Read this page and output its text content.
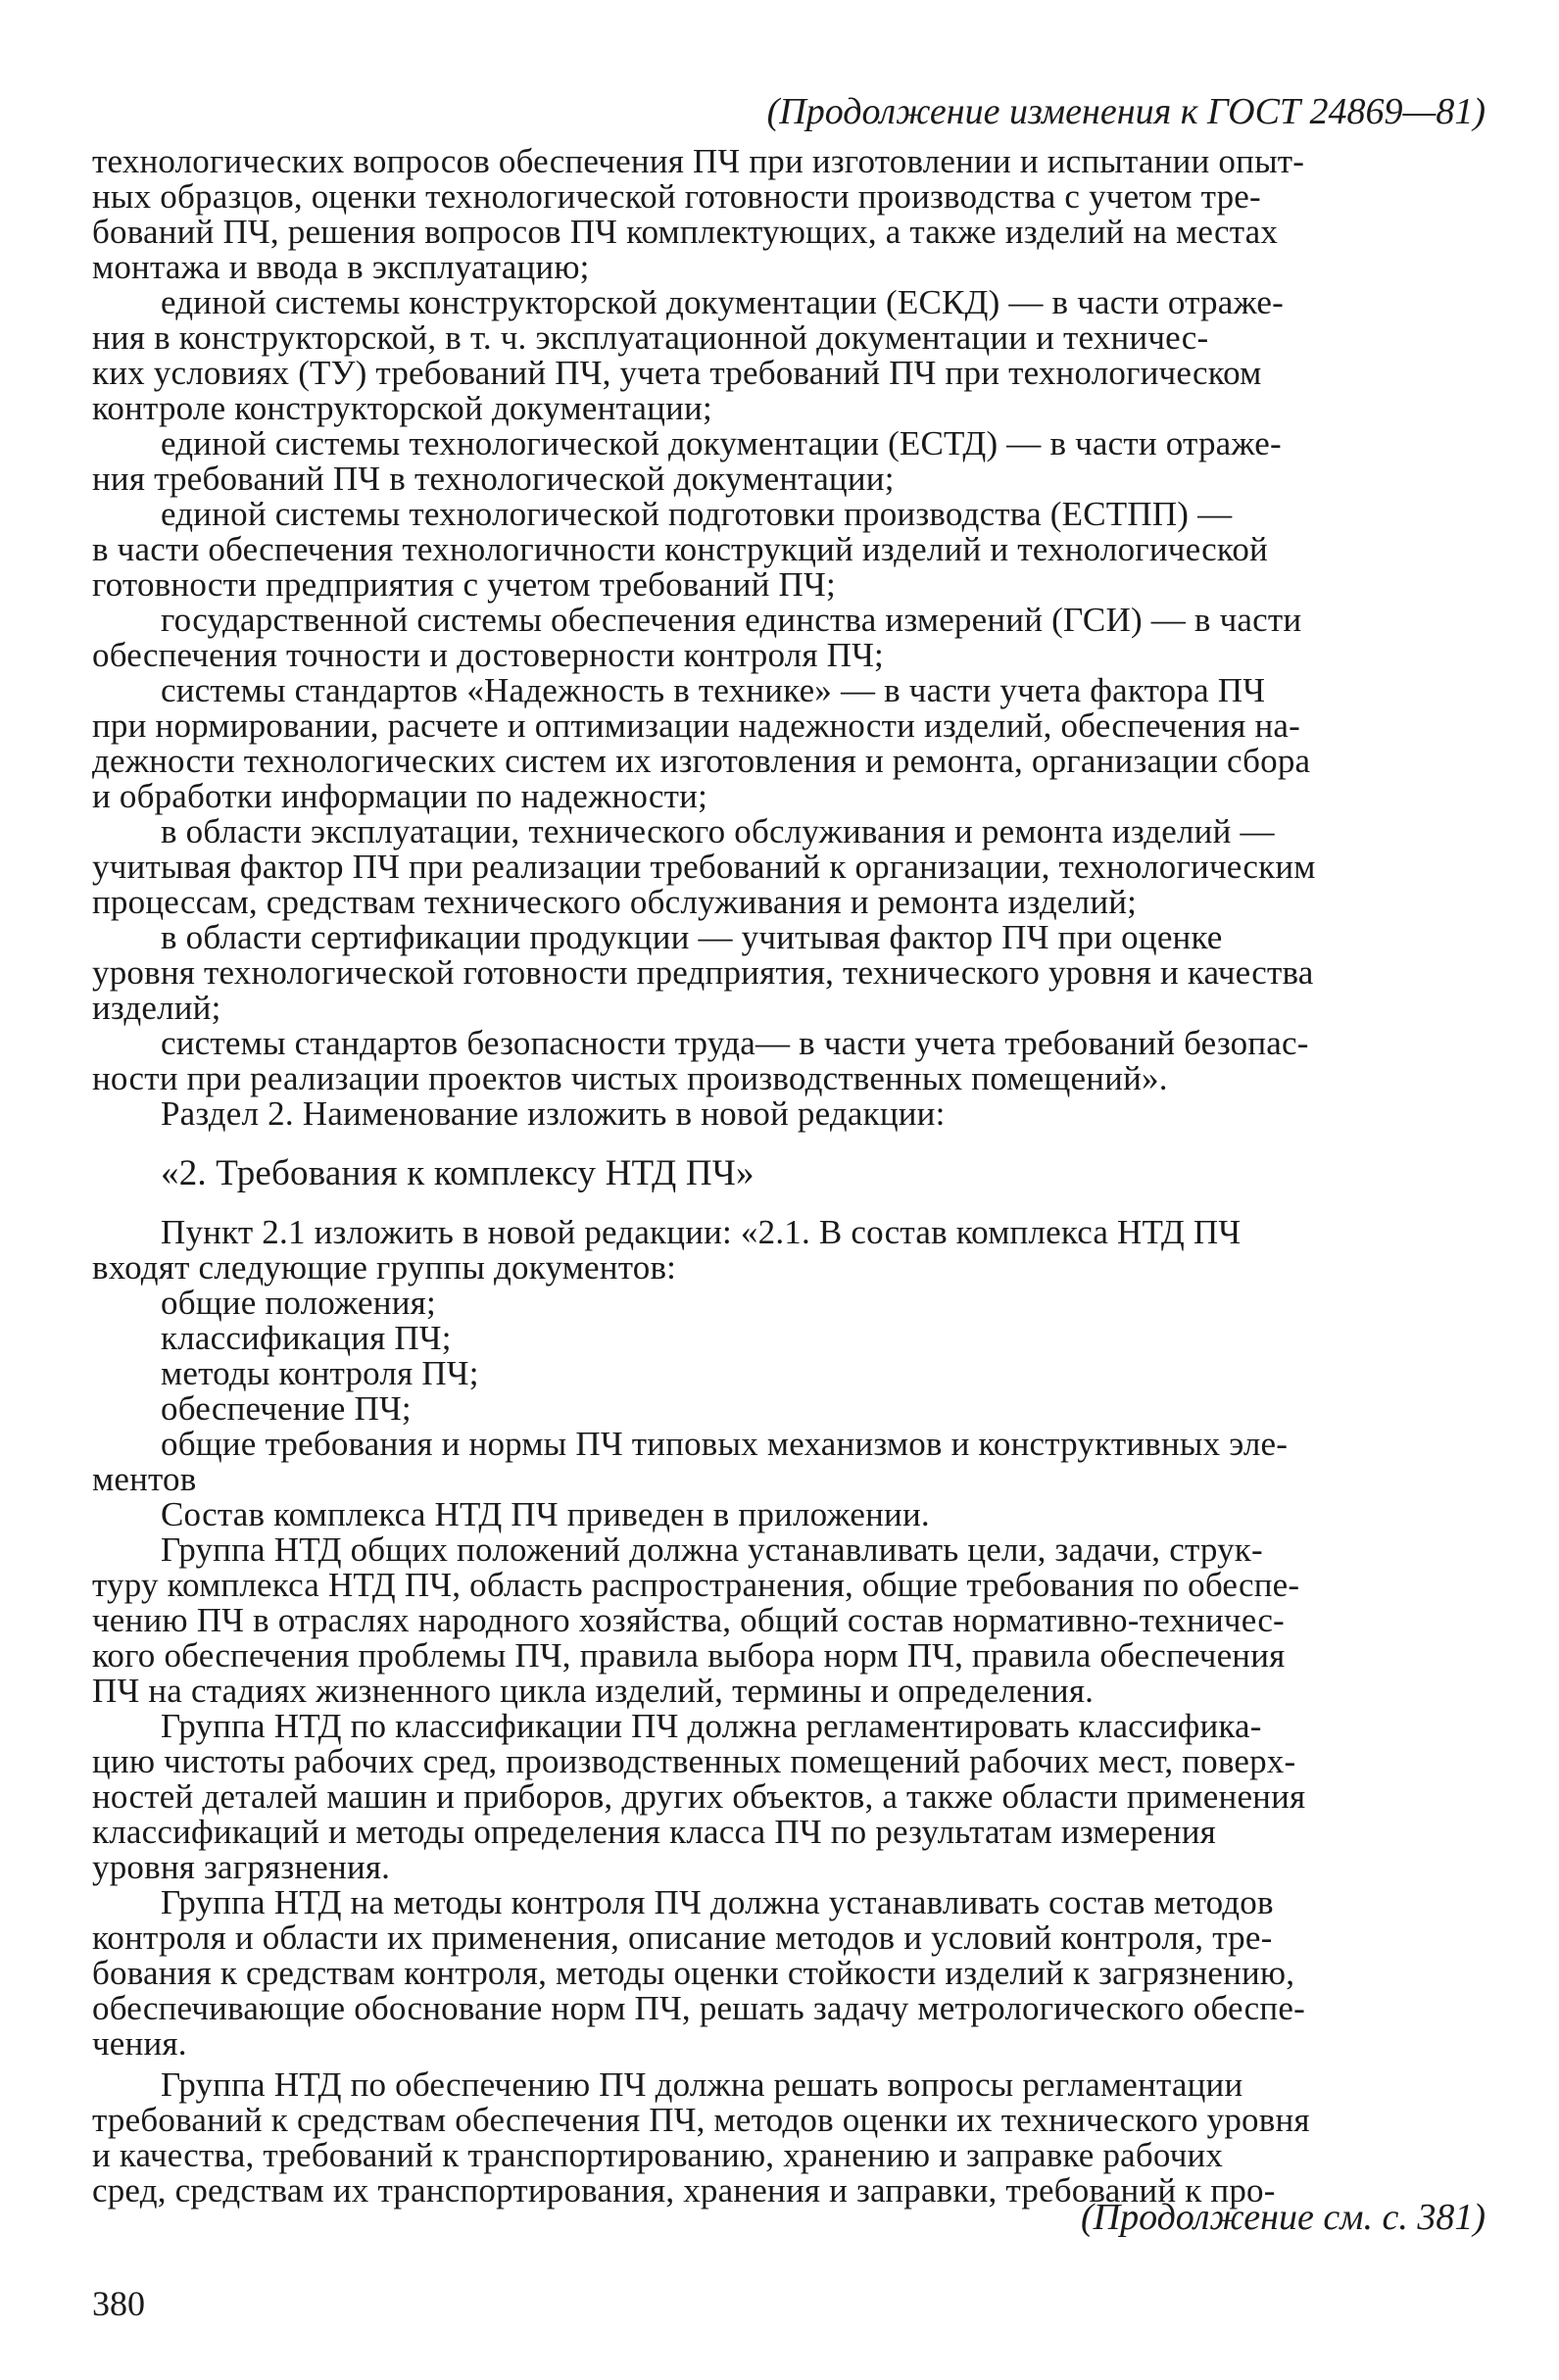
(Продолжение изменения к ГОСТ 24869—81)
технологических вопросов обеспечения ПЧ при изготовлении и испытании опыт-
ных образцов, оценки технологической готовности производства с учетом тре-
бований ПЧ, решения вопросов ПЧ комплектующих, а также изделий на местах
монтажа и ввода в эксплуатацию;
единой системы конструкторской документации (ЕСКД) — в части отраже-
ния в конструкторской, в т. ч. эксплуатационной документации и техничес-
ких условиях (ТУ) требований ПЧ, учета требований ПЧ при технологическом
контроле конструкторской документации;
единой системы технологической документации (ЕСТД) — в части отраже-
ния требований ПЧ в технологической документации;
единой системы технологической подготовки производства (ЕСТПП) —
в части обеспечения технологичности конструкций изделий и технологической
готовности предприятия с учетом требований ПЧ;
государственной системы обеспечения единства измерений (ГСИ) — в части
обеспечения точности и достоверности контроля ПЧ;
системы стандартов «Надежность в технике» — в части учета фактора ПЧ
при нормировании, расчете и оптимизации надежности изделий, обеспечения на-
дежности технологических систем их изготовления и ремонта, организации сбора
и обработки информации по надежности;
в области эксплуатации, технического обслуживания и ремонта изделий —
учитывая фактор ПЧ при реализации требований к организации, технологическим
процессам, средствам технического обслуживания и ремонта изделий;
в области сертификации продукции — учитывая фактор ПЧ при оценке
уровня технологической готовности предприятия, технического уровня и качества
изделий;
системы стандартов безопасности труда— в части учета требований безопас-
ности при реализации проектов чистых производственных помещений».
Раздел 2. Наименование изложить в новой редакции:
«2. Требования к комплексу НТД ПЧ»
Пункт 2.1 изложить в новой редакции: «2.1. В состав комплекса НТД ПЧ
входят следующие группы документов:
общие положения;
классификация ПЧ;
методы контроля ПЧ;
обеспечение ПЧ;
общие требования и нормы ПЧ типовых механизмов и конструктивных эле-
ментов
Состав комплекса НТД ПЧ приведен в приложении.
Группа НТД общих положений должна устанавливать цели, задачи, струк-
туру комплекса НТД ПЧ, область распространения, общие требования по обеспе-
чению ПЧ в отраслях народного хозяйства, общий состав нормативно-техничес-
кого обеспечения проблемы ПЧ, правила выбора норм ПЧ, правила обеспечения
ПЧ на стадиях жизненного цикла изделий, термины и определения.
Группа НТД по классификации ПЧ должна регламентировать классифика-
цию чистоты рабочих сред, производственных помещений рабочих мест, поверх-
ностей деталей машин и приборов, других объектов, а также области применения
классификаций и методы определения класса ПЧ по результатам измерения
уровня загрязнения.
Группа НТД на методы контроля ПЧ должна устанавливать состав методов
контроля и области их применения, описание методов и условий контроля, тре-
бования к средствам контроля, методы оценки стойкости изделий к загрязнению,
обеспечивающие обоснование норм ПЧ, решать задачу метрологического обеспе-
чения.
Группа НТД по обеспечению ПЧ должна решать вопросы регламентации
требований к средствам обеспечения ПЧ, методов оценки их технического уровня
и качества, требований к транспортированию, хранению и заправке рабочих
сред, средствам их транспортирования, хранения и заправки, требований к про-
(Продолжение см. с. 381)
380
